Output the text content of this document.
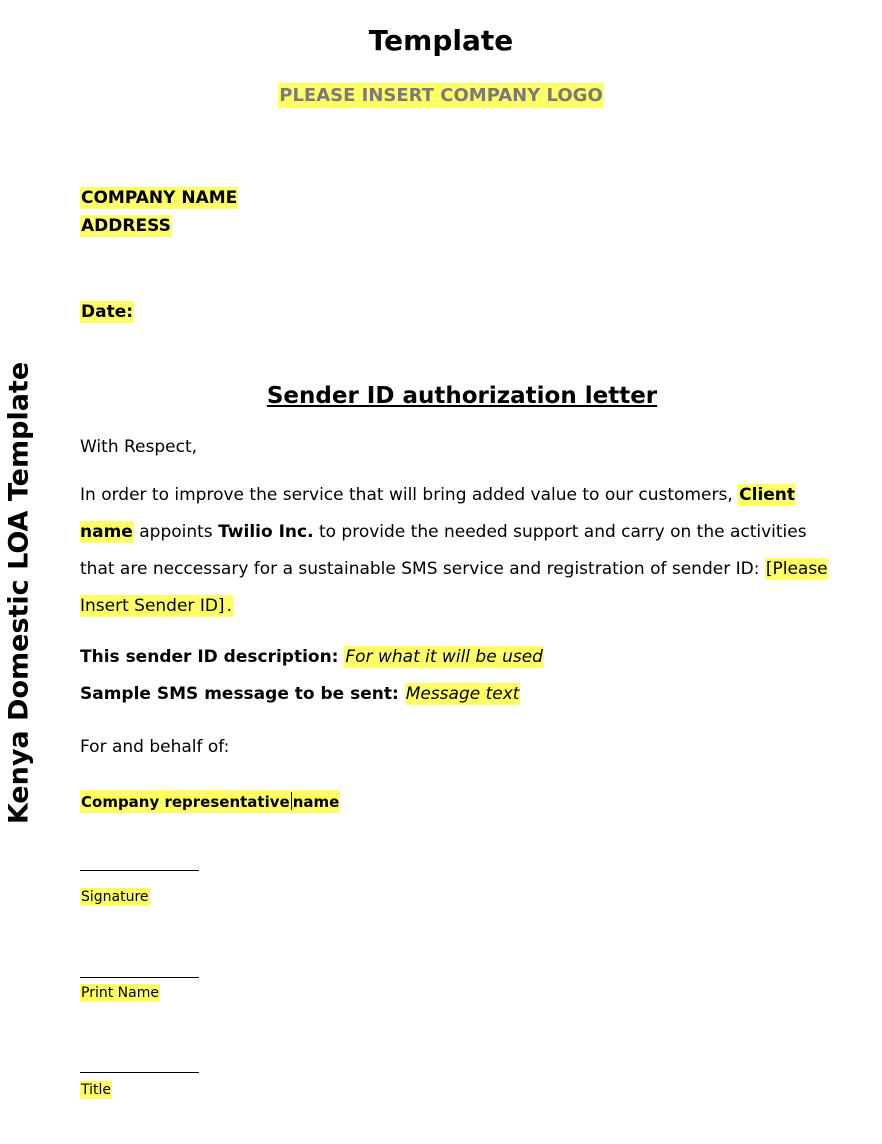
Template
PLEASE INSERT COMPANY LOGO
Kenya Domestic LOA Template
COMPANY NAME
ADDRESS
Date:
Sender ID authorization letter
With Respect,
In order to improve the service that will bring added value to our customers, Client name appoints Twilio Inc. to provide the needed support and carry on the activities that are neccessary for a sustainable SMS service and registration of sender ID: [Please Insert Sender ID] .
This sender ID description: For what it will be used
Sample SMS message to be sent: Message text
For and behalf of:
Company representative name
Signature
Print Name
Title
